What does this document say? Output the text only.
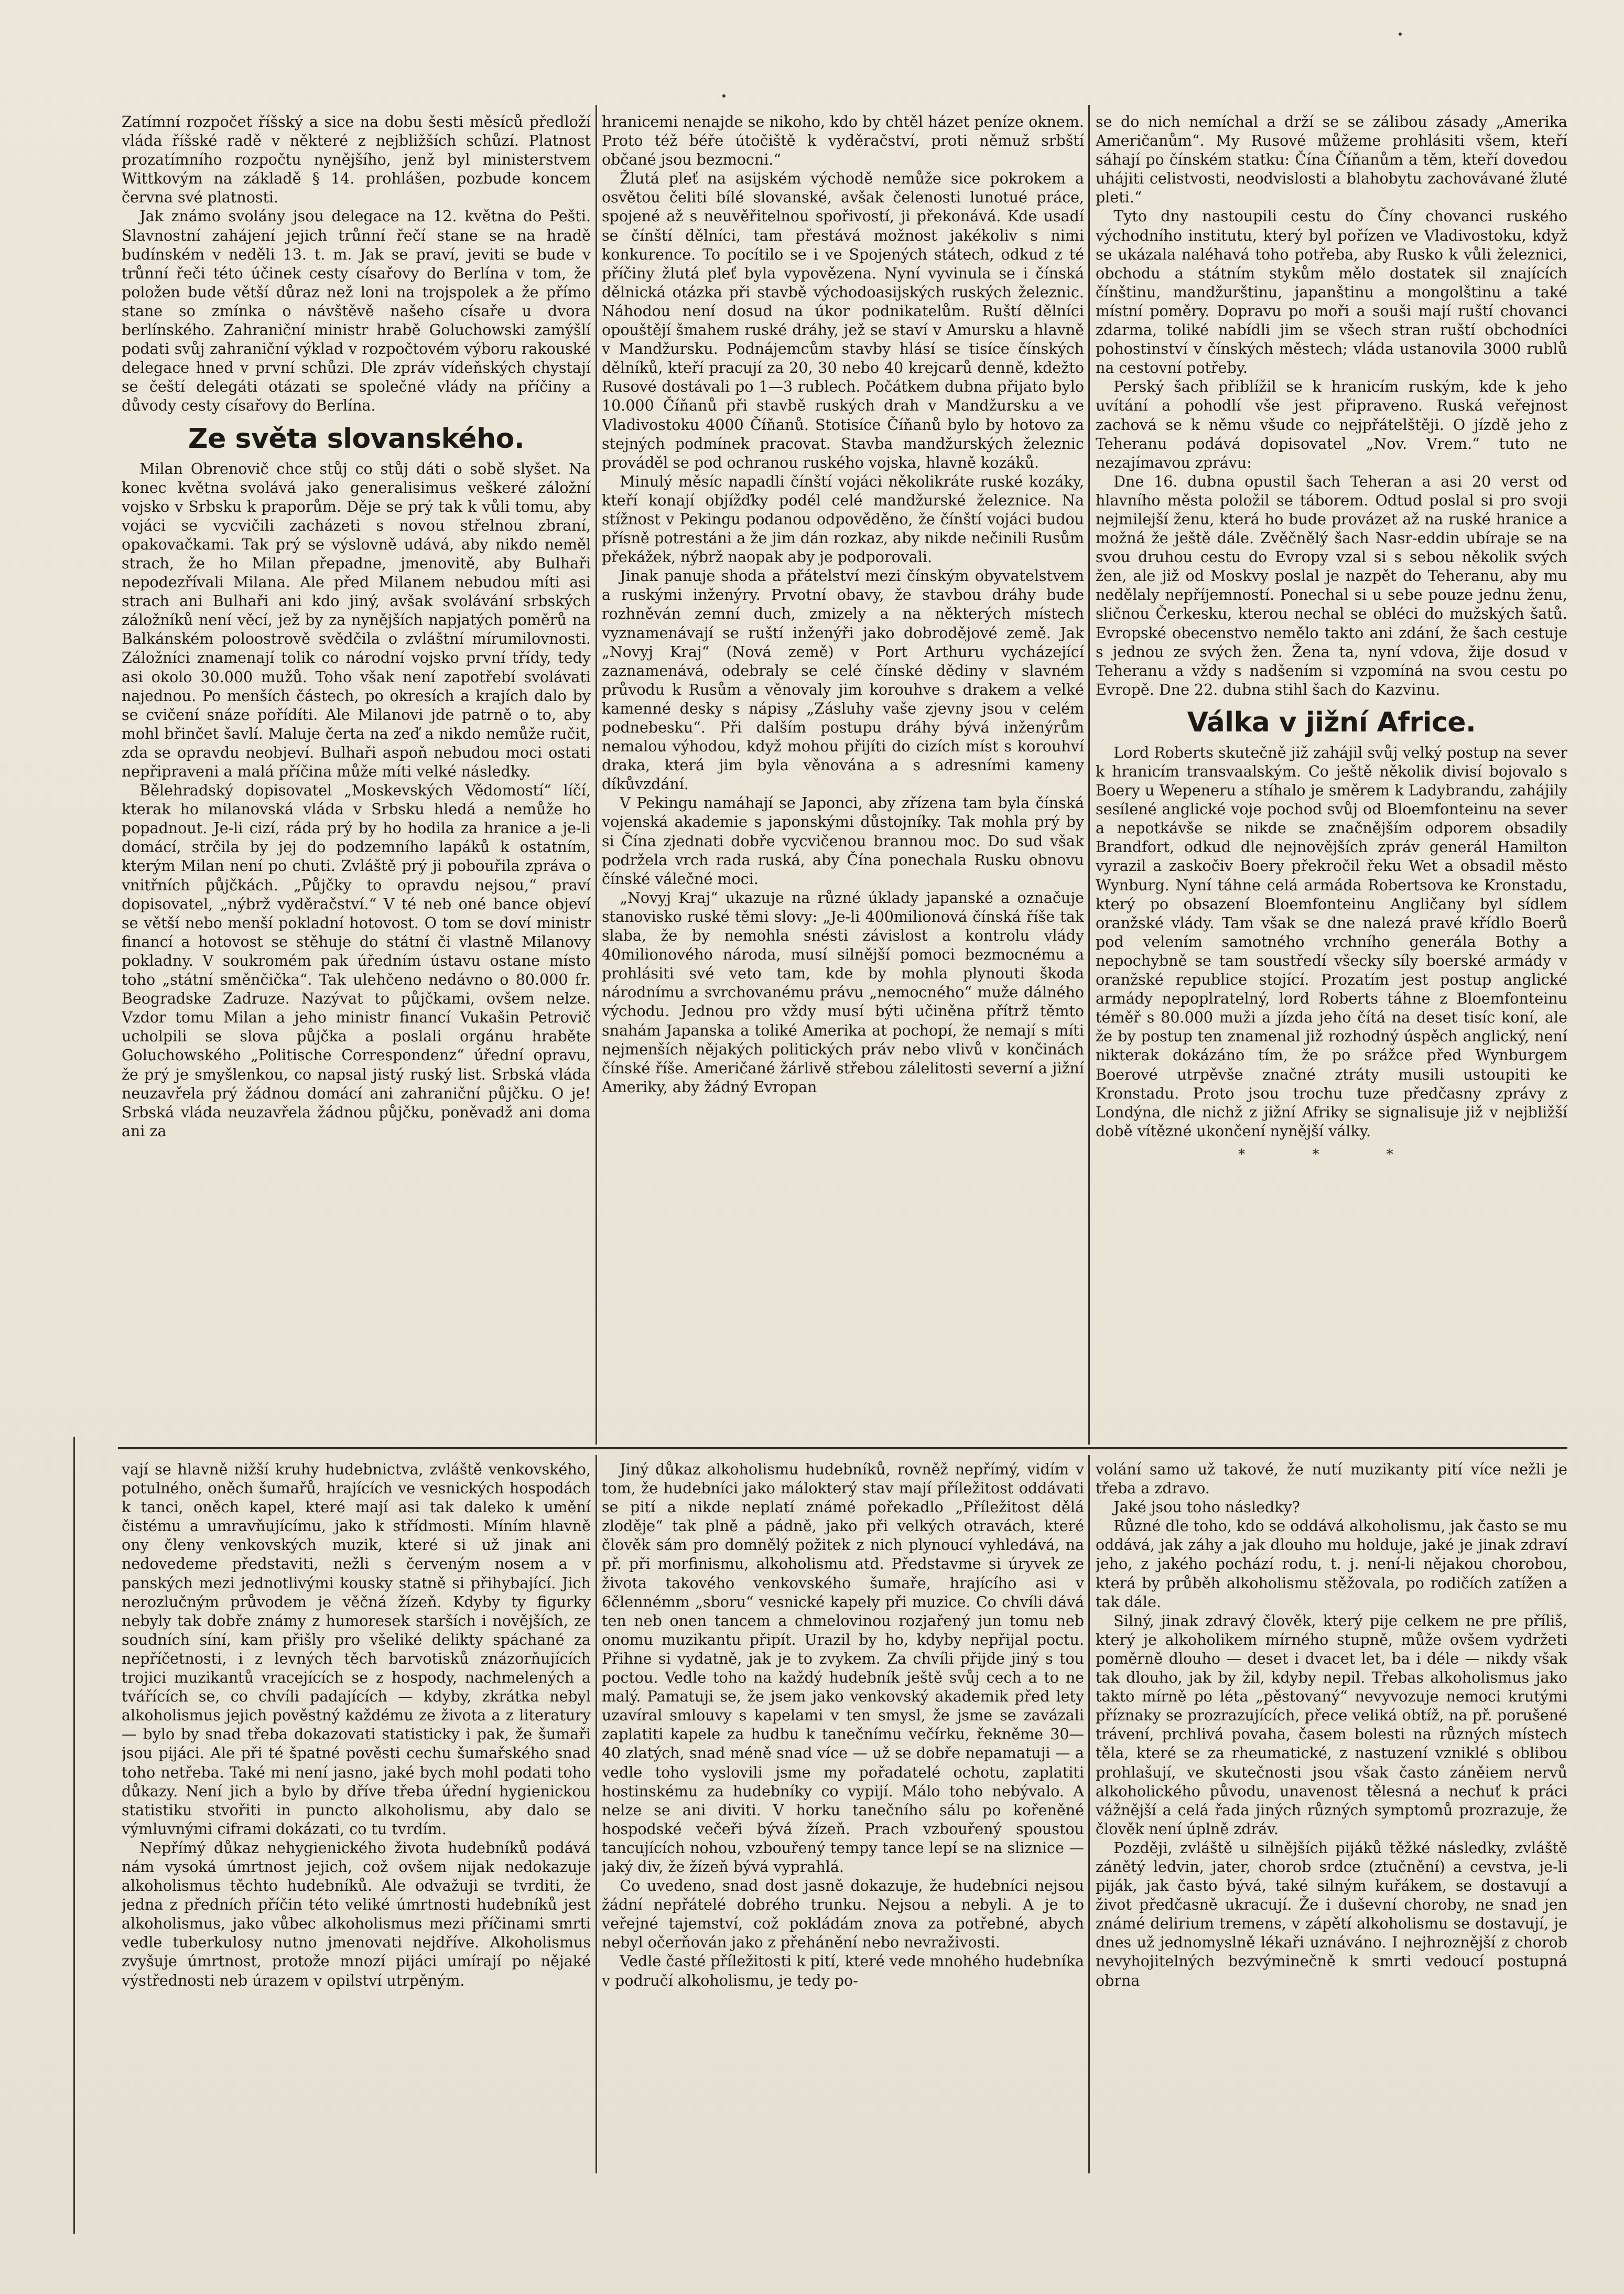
Zatímní rozpočet říšský a sice na dobu šesti měsíců předloží vláda říšské radě v některé z nejbližších schůzí. Platnost prozatímního rozpočtu nynějšího, jenž byl ministerstvem Wittkovým na základě § 14. prohlášen, pozbude koncem června své platnosti.

Jak známo svolány jsou delegace na 12. května do Pešti. Slavnostní zahájení jejich trůnní řečí stane se na hradě budínském v neděli 13. t. m. Jak se praví, jeviti se bude v trůnní řeči této účinek cesty císařovy do Berlína v tom, že položen bude větší důraz než loni na trojspolek a že přímo stane so zmínka o návštěvě našeho císaře u dvora berlínského. Zahraniční ministr hrabě Goluchowski zamýšlí podati svůj zahraniční výklad v rozpočtovém výboru rakouské delegace hned v první schůzi. Dle zpráv vídeňských chystají se čeští delegáti otázati se společné vlády na příčiny a důvody cesty císařovy do Berlína.

Ze světa slovanského.

Milan Obrenovič chce stůj co stůj dáti o sobě slyšet. Na konec května svolává jako generalisimus veškeré záložní vojsko v Srbsku k praporům. Děje se prý tak k vůli tomu, aby vojáci se vycvičili zacházeti s novou střelnou zbraní, opakovačkami. Tak prý se výslovně udává, aby nikdo neměl strach, že ho Milan přepadne, jmenovitě, aby Bulhaři nepodezřívali Milana. Ale před Milanem nebudou míti asi strach ani Bulhaři ani kdo jiný, avšak svolávání srbských záložníků není věcí, jež by za nynějších napjatých poměrů na Balkánském poloostrově svědčila o zvláštní mírumilovnosti. Záložníci znamenají tolik co národní vojsko první třídy, tedy asi okolo 30.000 mužů. Toho však není zapotřebí svolávati najednou. Po menších částech, po okresích a krajích dalo by se cvičení snáze pořídíti. Ale Milanovi jde patrně o to, aby mohl břinčet šavlí. Maluje čerta na zeď a nikdo nemůže ručit, zda se opravdu neobjeví. Bulhaři aspoň nebudou moci ostati nepřipraveni a malá příčina může míti velké následky.

Bělehradský dopisovatel „Moskevských Vědomostí“ líčí, kterak ho milanovská vláda v Srbsku hledá a nemůže ho popadnout. Je-li cizí, ráda prý by ho hodila za hranice a je-li domácí, strčila by jej do podzemního lapáků k ostatním, kterým Milan není po chuti. Zvláště prý ji pobouřila zpráva o vnitřních půjčkách. „Půjčky to opravdu nejsou,“ praví dopisovatel, „nýbrž vyděračství.“ V té neb oné bance objeví se větší nebo menší pokladní hotovost. O tom se doví ministr financí a hotovost se stěhuje do státní či vlastně Milanovy pokladny. V soukromém pak úředním ústavu ostane místo toho „státní směnčička“. Tak ulehčeno nedávno o 80.000 fr. Beogradske Zadruze. Nazývat to půjčkami, ovšem nelze. Vzdor tomu Milan a jeho ministr financí Vukašin Petrovič ucholpili se slova půjčka a poslali orgánu hraběte Goluchowského „Politische Correspondenz“ úřední opravu, že prý je smyšlenkou, co napsal jistý ruský list. Srbská vláda neuzavřela prý žádnou domácí ani zahraniční půjčku. O je! Srbská vláda neuzavřela žádnou půjčku, poněvadž ani doma ani za

hranicemi nenajde se nikoho, kdo by chtěl házet peníze oknem. Proto též béře útočiště k vyděračství, proti němuž srbští občané jsou bezmocni.“

Žlutá pleť na asijském východě nemůže sice pokrokem a osvětou čeliti bílé slovanské, avšak čelenosti lunotué práce, spojené až s neuvěřitelnou spořivostí, ji překonává. Kde usadí se čínští dělníci, tam přestává možnost jakékoliv s nimi konkurence. To pocítilo se i ve Spojených státech, odkud z té příčiny žlutá pleť byla vypovězena. Nyní vyvinula se i čínská dělnická otázka při stavbě východoasijských ruských železnic. Náhodou není dosud na úkor podnikatelům. Ruští dělníci opouštějí šmahem ruské dráhy, jež se staví v Amursku a hlavně v Mandžursku. Podnájemcům stavby hlásí se tisíce čínských dělníků, kteří pracují za 20, 30 nebo 40 krejcarů denně, kdežto Rusové dostávali po 1—3 rublech. Počátkem dubna přijato bylo 10.000 Číňanů při stavbě ruských drah v Mandžursku a ve Vladivostoku 4000 Číňanů. Stotisíce Číňanů bylo by hotovo za stejných podmínek pracovat. Stavba mandžurských železnic prováděl se pod ochranou ruského vojska, hlavně kozáků.

Minulý měsíc napadli čínští vojáci několikráte ruské kozáky, kteří konají objížďky podél celé mandžurské železnice. Na stížnost v Pekingu podanou odpověděno, že čínští vojáci budou přísně potrestáni a že jim dán rozkaz, aby nikde nečinili Rusům překážek, nýbrž naopak aby je podporovali.

Jinak panuje shoda a přátelství mezi čínským obyvatelstvem a ruskými inženýry. Prvotní obavy, že stavbou dráhy bude rozhněván zemní duch, zmizely a na některých místech vyznamenávají se ruští inženýři jako dobrodějové země. Jak „Novyj Kraj“ (Nová země) v Port Arthuru vycházející zaznamenává, odebraly se celé čínské dědiny v slavném průvodu k Rusům a věnovaly jim korouhve s drakem a velké kamenné desky s nápisy „Zásluhy vaše zjevny jsou v celém podnebesku“. Při dalším postupu dráhy bývá inženýrům nemalou výhodou, když mohou přijíti do cizích míst s korouhví draka, která jim byla věnována a s adresními kameny díkůvzdání.

V Pekingu namáhají se Japonci, aby zřízena tam byla čínská vojenská akademie s japonskými důstojníky. Tak mohla prý by si Čína zjednati dobře vycvičenou brannou moc. Do sud však podržela vrch rada ruská, aby Čína ponechala Rusku obnovu čínské válečné moci.

„Novyj Kraj“ ukazuje na různé úklady japanské a označuje stanovisko ruské těmi slovy: „Je-li 400milionová čínská říše tak slaba, že by nemohla snésti závislost a kontrolu vlády 40milionového národa, musí silnější pomoci bezmocnému a prohlásiti své veto tam, kde by mohla plynouti škoda národnímu a svrchovanému právu „nemocného“ muže dálného východu. Jednou pro vždy musí býti učiněna přítrž těmto snahám Japanska a toliké Amerika at pochopí, že nemají s míti nejmenších nějakých politických práv nebo vlivů v končinách čínské říše. Američané žárlivě střebou zálelitosti severní a jižní Ameriky, aby žádný Evropan

se do nich nemíchal a drží se se zálibou zásady „Amerika Američanům“. My Rusové můžeme prohlásiti všem, kteří sáhají po čínském statku: Čína Číňanům a těm, kteří dovedou uhájiti celistvosti, neodvislosti a blahobytu zachovávané žluté pleti.“

Tyto dny nastoupili cestu do Číny chovanci ruského východního institutu, který byl pořízen ve Vladivostoku, když se ukázala naléhavá toho potřeba, aby Rusko k vůli železnici, obchodu a státním stykům mělo dostatek sil znajících čínštinu, mandžurštinu, japanštinu a mongolštinu a také místní poměry. Dopravu po moři a souši mají ruští chovanci zdarma, toliké nabídli jim se všech stran ruští obchodníci pohostinství v čínských městech; vláda ustanovila 3000 rublů na cestovní potřeby.

Perský šach přiblížil se k hranicím ruským, kde k jeho uvítání a pohodlí vše jest připraveno. Ruská veřejnost zachová se k němu všude co nejpřátelštěji. O jízdě jeho z Teheranu podává dopisovatel „Nov. Vrem.“ tuto ne nezajímavou zprávu:

Dne 16. dubna opustil šach Teheran a asi 20 verst od hlavního města položil se táborem. Odtud poslal si pro svoji nejmilejší ženu, která ho bude provázet až na ruské hranice a možná že ještě dále. Zvěčnělý šach Nasr-eddin ubíraje se na svou druhou cestu do Evropy vzal si s sebou několik svých žen, ale již od Moskvy poslal je nazpět do Teheranu, aby mu nedělaly nepříjemností. Ponechal si u sebe pouze jednu ženu, sličnou Čerkesku, kterou nechal se obléci do mužských šatů. Evropské obecenstvo nemělo takto ani zdání, že šach cestuje s jednou ze svých žen. Žena ta, nyní vdova, žije dosud v Teheranu a vždy s nadšením si vzpomíná na svou cestu po Evropě. Dne 22. dubna stihl šach do Kazvinu.

Válka v jižní Africe.

Lord Roberts skutečně již zahájil svůj velký postup na sever k hranicím transvaalským. Co ještě několik divisí bojovalo s Boery u Wepeneru a stíhalo je směrem k Ladybrandu, zahájily sesílené anglické voje pochod svůj od Bloemfonteinu na sever a nepotkávše se nikde se značnějším odporem obsadily Brandfort, odkud dle nejnovějších zpráv generál Hamilton vyrazil a zaskočiv Boery překročil řeku Wet a obsadil město Wynburg. Nyní táhne celá armáda Robertsova ke Kronstadu, který po obsazení Bloemfonteinu Angličany byl sídlem oranžské vlády. Tam však se dne nalezá pravé křídlo Boerů pod velením samotného vrchního generála Bothy a nepochybně se tam soustředí všecky síly boerské armády v oranžské republice stojící. Prozatím jest postup anglické armády nepoplratelný, lord Roberts táhne z Bloemfonteinu téměř s 80.000 muži a jízda jeho čítá na deset tisíc koní, ale že by postup ten znamenal již rozhodný úspěch anglický, není nikterak dokázáno tím, že po srážce před Wynburgem Boerové utrpěvše značné ztráty musili ustoupiti ke Kronstadu. Proto jsou trochu tuze předčasny zprávy z Londýna, dle nichž z jižní Afriky se signalisuje již v nejbližší době vítězné ukončení nynější války.

* * *

vají se hlavně nižší kruhy hudebnictva, zvláště venkovského, potulného, oněch šumařů, hrajících ve vesnických hospodách k tanci, oněch kapel, které mají asi tak daleko k umění čistému a umravňujícímu, jako k střídmosti. Míním hlavně ony členy venkovských muzik, které si už jinak ani nedovedeme představiti, nežli s červeným nosem a v panských mezi jednotlivými kousky statně si přihybající. Jich nerozlučným průvodem je věčná žízeň. Kdyby ty figurky nebyly tak dobře známy z humoresek starších i novějších, ze soudních síní, kam přišly pro všeliké delikty spáchané za nepříčetnosti, i z levných těch barvotisků znázorňujících trojici muzikantů vracejících se z hospody, nachmelených a tvářících se, co chvíli padajících — kdyby, zkrátka nebyl alkoholismus jejich pověstný každému ze života a z literatury — bylo by snad třeba dokazovati statisticky i pak, že šumaři jsou pijáci. Ale při té špatné pověsti cechu šumařského snad toho netřeba. Také mi není jasno, jaké bych mohl podati toho důkazy. Není jich a bylo by dříve třeba úřední hygienickou statistiku stvořiti in puncto alkoholismu, aby dalo se výmluvnými ciframi dokázati, co tu tvrdím.

Nepřímý důkaz nehygienického života hudebníků podává nám vysoká úmrtnost jejich, což ovšem nijak nedokazuje alkoholismus těchto hudebníků. Ale odvažuji se tvrditi, že jedna z předních příčin této veliké úmrtnosti hudebníků jest alkoholismus, jako vůbec alkoholismus mezi příčinami smrti vedle tuberkulosy nutno jmenovati nejdříve. Alkoholismus zvyšuje úmrtnost, protože mnozí pijáci umírají po nějaké výstřednosti neb úrazem v opilství utrpěným.

Jiný důkaz alkoholismu hudebníků, rovněž nepřímý, vidím v tom, že hudebníci jako málokterý stav mají příležitost oddávati se pití a nikde neplatí známé pořekadlo „Příležitost dělá zloděje“ tak plně a pádně, jako při velkých otravách, které člověk sám pro domnělý požitek z nich plynoucí vyhledává, na př. při morfinismu, alkoholismu atd. Představme si úryvek ze života takového venkovského šumaře, hrajícího asi v 6člennémm „sboru“ vesnické kapely při muzice. Co chvíli dává ten neb onen tancem a chmelovinou rozjařený jun tomu neb onomu muzikantu připít. Urazil by ho, kdyby nepřijal poctu. Přihne si vydatně, jak je to zvykem. Za chvíli přijde jiný s tou poctou. Vedle toho na každý hudebník ještě svůj cech a to ne malý. Pamatuji se, že jsem jako venkovský akademik před lety uzavíral smlouvy s kapelami v ten smysl, že jsme se zavázali zaplatiti kapele za hudbu k tanečnímu večírku, řekněme 30—40 zlatých, snad méně snad více — už se dobře nepamatuji — a vedle toho vyslovili jsme my pořadatelé ochotu, zaplatiti hostinskému za hudebníky co vypijí. Málo toho nebývalo. A nelze se ani diviti. V horku tanečního sálu po kořeněné hospodské večeři bývá žízeň. Prach vzbouřený spoustou tancujících nohou, vzbouřený tempy tance lepí se na sliznice — jaký div, že žízeň bývá vyprahlá.

Co uvedeno, snad dost jasně dokazuje, že hudebníci nejsou žádní nepřátelé dobrého trunku. Nejsou a nebyli. A je to veřejné tajemství, což pokládám znova za potřebné, abych nebyl očerňován jako z přehánění nebo nevraživosti.

Vedle časté příležitosti k pití, které vede mnohého hudebníka v područí alkoholismu, je tedy po-

volání samo už takové, že nutí muzikanty pití více nežli je třeba a zdravo.

Jaké jsou toho následky?

Různé dle toho, kdo se oddává alkoholismu, jak často se mu oddává, jak záhy a jak dlouho mu holduje, jaké je jinak zdraví jeho, z jakého pochází rodu, t. j. není-li nějakou chorobou, která by průběh alkoholismu stěžovala, po rodičích zatížen a tak dále.

Silný, jinak zdravý člověk, který pije celkem ne pre příliš, který je alkoholikem mírného stupně, může ovšem vydržeti poměrně dlouho — deset i dvacet let, ba i déle — nikdy však tak dlouho, jak by žil, kdyby nepil. Třebas alkoholismus jako takto mírně po léta „pěstovaný“ nevyvozuje nemoci krutými příznaky se prozrazujících, přece veliká obtíž, na př. porušené trávení, prchlivá povaha, časem bolesti na různých místech těla, které se za rheumatické, z nastuzení vzniklé s oblibou prohlašují, ve skutečnosti jsou však často záněiem nervů alkoholického původu, unavenost tělesná a nechuť k práci vážnější a celá řada jiných různých symptomů prozrazuje, že člověk není úplně zdráv.

Později, zvláště u silnějších pijáků těžké následky, zvláště zánětý ledvin, jater, chorob srdce (ztučnění) a cevstva, je-li piják, jak často bývá, také silným kuřákem, se dostavují a život předčasně ukracují. Že i duševní choroby, ne snad jen známé delirium tremens, v zápětí alkoholismu se dostavují, je dnes už jednomyslně lékaři uznáváno. I nejhroznější z chorob nevyhojitelných bezvýminečně k smrti vedoucí postupná obrna
